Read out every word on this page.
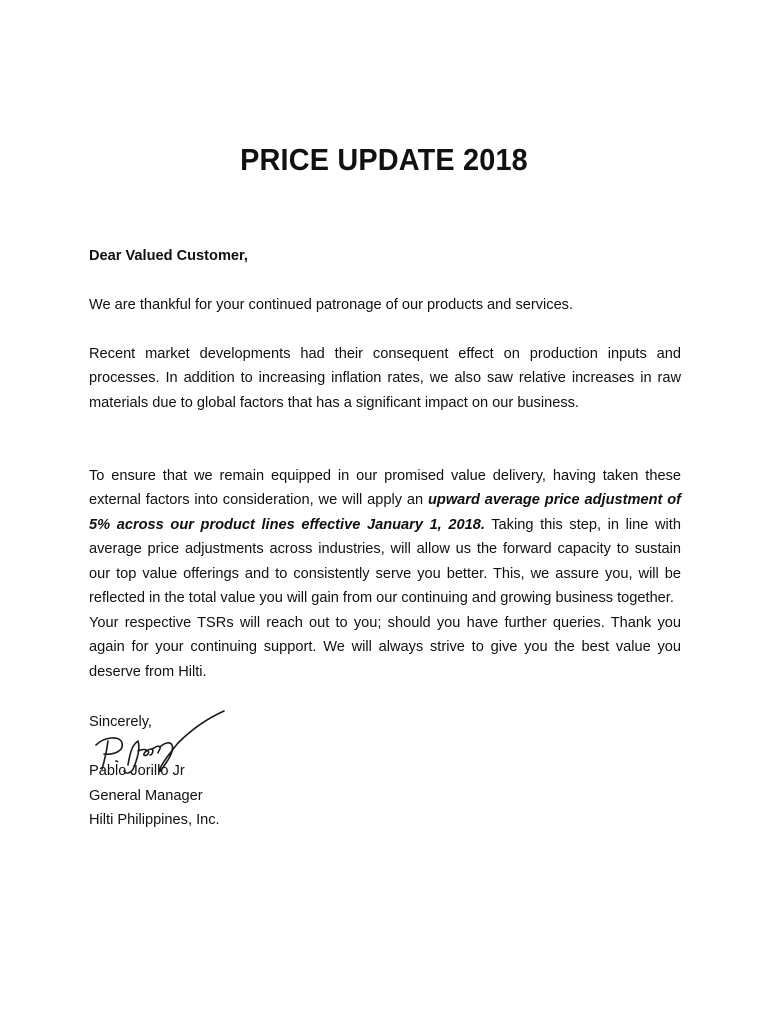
PRICE UPDATE 2018

Dear Valued Customer,

We are thankful for your continued patronage of our products and services.

Recent market developments had their consequent effect on production inputs and processes. In addition to increasing inflation rates, we also saw relative increases in raw materials due to global factors that has a significant impact on our business.

To ensure that we remain equipped in our promised value delivery, having taken these external factors into consideration, we will apply an upward average price adjustment of 5% across our product lines effective January 1, 2018. Taking this step, in line with average price adjustments across industries, will allow us the forward capacity to sustain our top value offerings and to consistently serve you better. This, we assure you, will be reflected in the total value you will gain from our continuing and growing business together.

Your respective TSRs will reach out to you; should you have further queries. Thank you again for your continuing support. We will always strive to give you the best value you deserve from Hilti.

Sincerely,

Pablo Jorillo Jr

General Manager

Hilti Philippines, Inc.
